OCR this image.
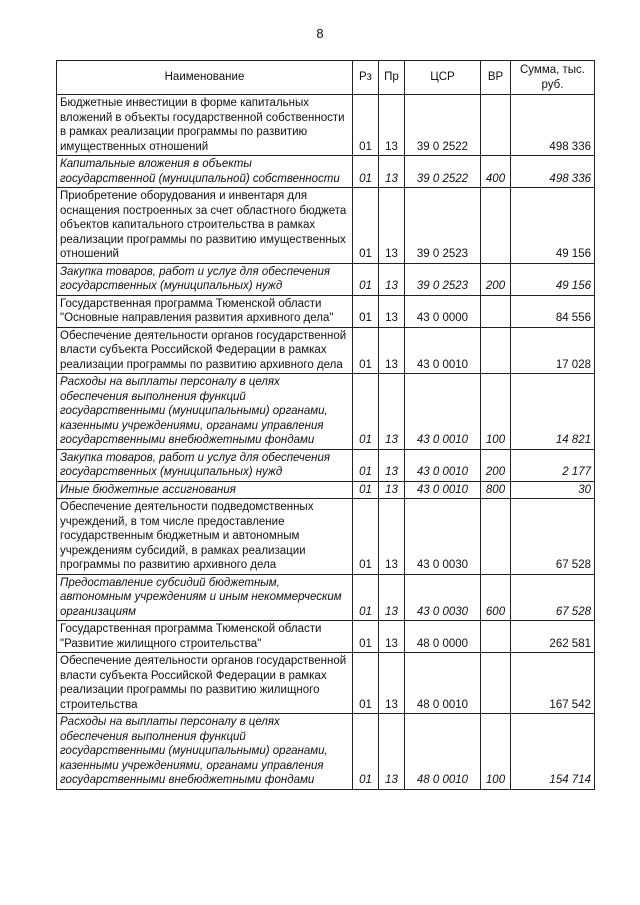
8
Наименование	Рз	Пр	ЦСР	ВР	Сумма, тыс. руб.
Бюджетные инвестиции в форме капитальных вложений в объекты государственной собственности в рамках реализации программы по развитию имущественных отношений	01	13	39 0 2522		498 336
Капитальные вложения в объекты государственной (муниципальной) собственности	01	13	39 0 2522	400	498 336
Приобретение оборудования и инвентаря для оснащения построенных за счет областного бюджета объектов капитального строительства в рамках реализации программы по развитию имущественных отношений	01	13	39 0 2523		49 156
Закупка товаров, работ и услуг для обеспечения государственных (муниципальных) нужд	01	13	39 0 2523	200	49 156
Государственная программа Тюменской области "Основные направления развития архивного дела"	01	13	43 0 0000		84 556
Обеспечение деятельности органов государственной власти субъекта Российской Федерации в рамках реализации программы по развитию архивного дела	01	13	43 0 0010		17 028
Расходы на выплаты персоналу в целях обеспечения выполнения функций государственными (муниципальными) органами, казенными учреждениями, органами управления государственными внебюджетными фондами	01	13	43 0 0010	100	14 821
Закупка товаров, работ и услуг для обеспечения государственных (муниципальных) нужд	01	13	43 0 0010	200	2 177
Иные бюджетные ассигнования	01	13	43 0 0010	800	30
Обеспечение деятельности подведомственных учреждений, в том числе предоставление государственным бюджетным и автономным учреждениям субсидий, в рамках реализации программы по развитию архивного дела	01	13	43 0 0030		67 528
Предоставление субсидий бюджетным, автономным учреждениям и иным некоммерческим организациям	01	13	43 0 0030	600	67 528
Государственная программа Тюменской области "Развитие жилищного строительства"	01	13	48 0 0000		262 581
Обеспечение деятельности органов государственной власти субъекта Российской Федерации в рамках реализации программы по развитию жилищного строительства	01	13	48 0 0010		167 542
Расходы на выплаты персоналу в целях обеспечения выполнения функций государственными (муниципальными) органами, казенными учреждениями, органами управления государственными внебюджетными фондами	01	13	48 0 0010	100	154 714
